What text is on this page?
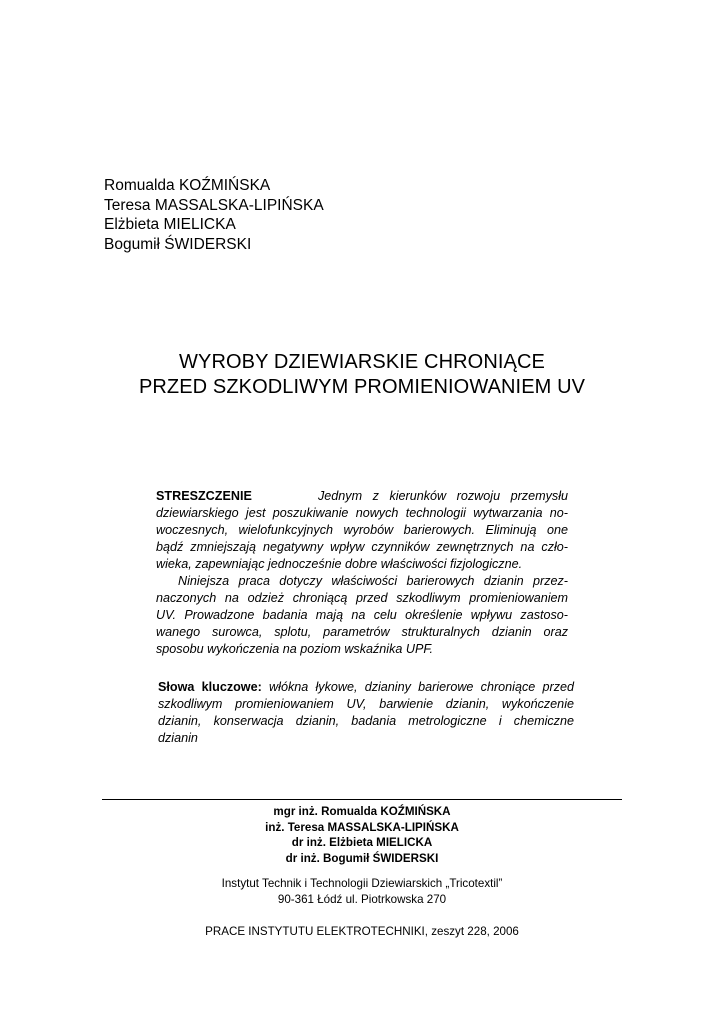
Romualda KOŹMIŃSKA
Teresa MASSALSKA-LIPIŃSKA
Elżbieta MIELICKA
Bogumił ŚWIDERSKI
WYROBY DZIEWIARSKIE CHRONIĄCE
PRZED SZKODLIWYM PROMIENIOWANIEM UV

STRESZCZENIE	Jednym z kierunków rozwoju przemysłu
dziewiarskiego jest poszukiwanie nowych technologii wytwarzania no-
woczesnych, wielofunkcyjnych wyrobów barierowych. Eliminują one
bądź zmniejszają negatywny wpływ czynników zewnętrznych na czło-
wieka, zapewniając jednocześnie dobre właściwości fizjologiczne.

Niniejsza praca dotyczy właściwości barierowych dzianin przez-
naczonych na odzież chroniącą przed szkodliwym promieniowaniem
UV. Prowadzone badania mają na celu określenie wpływu zastoso-
wanego surowca, splotu, parametrów strukturalnych dzianin oraz
sposobu wykończenia na poziom wskaźnika UPF.

Słowa kluczowe: włókna łykowe, dzianiny barierowe chroniące przed
szkodliwym promieniowaniem UV, barwienie dzianin, wykończenie
dzianin, konserwacja dzianin, badania metrologiczne i chemiczne
dzianin
mgr inż. Romualda KOŹMIŃSKA
inż. Teresa MASSALSKA-LIPIŃSKA
dr inż. Elżbieta MIELICKA
dr inż. Bogumił ŚWIDERSKI
Instytut Technik i Technologii Dziewiarskich „Tricotextil”
90-361 Łódź ul. Piotrkowska 270
PRACE INSTYTUTU ELEKTROTECHNIKI, zeszyt 228, 2006
